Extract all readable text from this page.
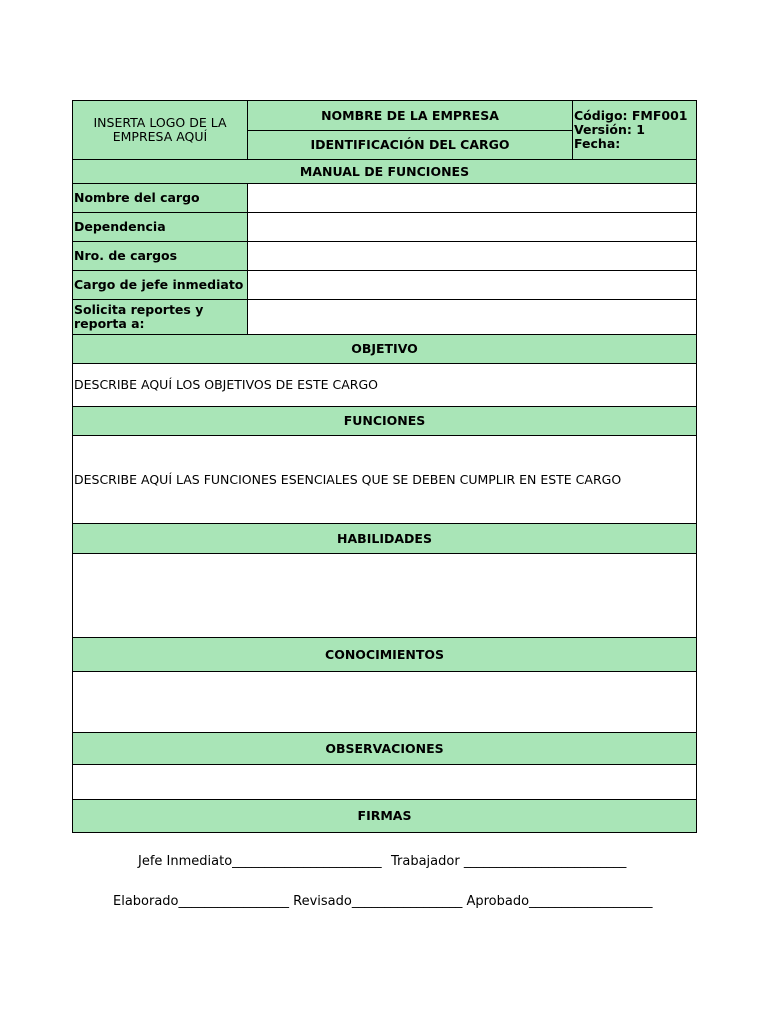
INSERTA LOGO DE LA EMPRESA AQUÍ	NOMBRE DE LA EMPRESA	Código: FMF001
Versión: 1
Fecha:

	IDENTIFICACIÓN DEL CARGO	
MANUAL DE FUNCIONES		
Nombre del cargo		
Dependencia		
Nro. de cargos		
Cargo de jefe inmediato		
Solicita reportes y reporta a:		
OBJETIVO		
DESCRIBE AQUÍ LOS OBJETIVOS DE ESTE CARGO		
FUNCIONES		
DESCRIBE AQUÍ LAS FUNCIONES ESENCIALES QUE SE DEBEN CUMPLIR EN ESTE CARGO		
HABILIDADES		

CONOCIMIENTOS		

OBSERVACIONES		

FIRMAS		
Jefe Inmediato_______________________ Trabajador _________________________
Elaborado_________________ Revisado_________________ Aprobado___________________
